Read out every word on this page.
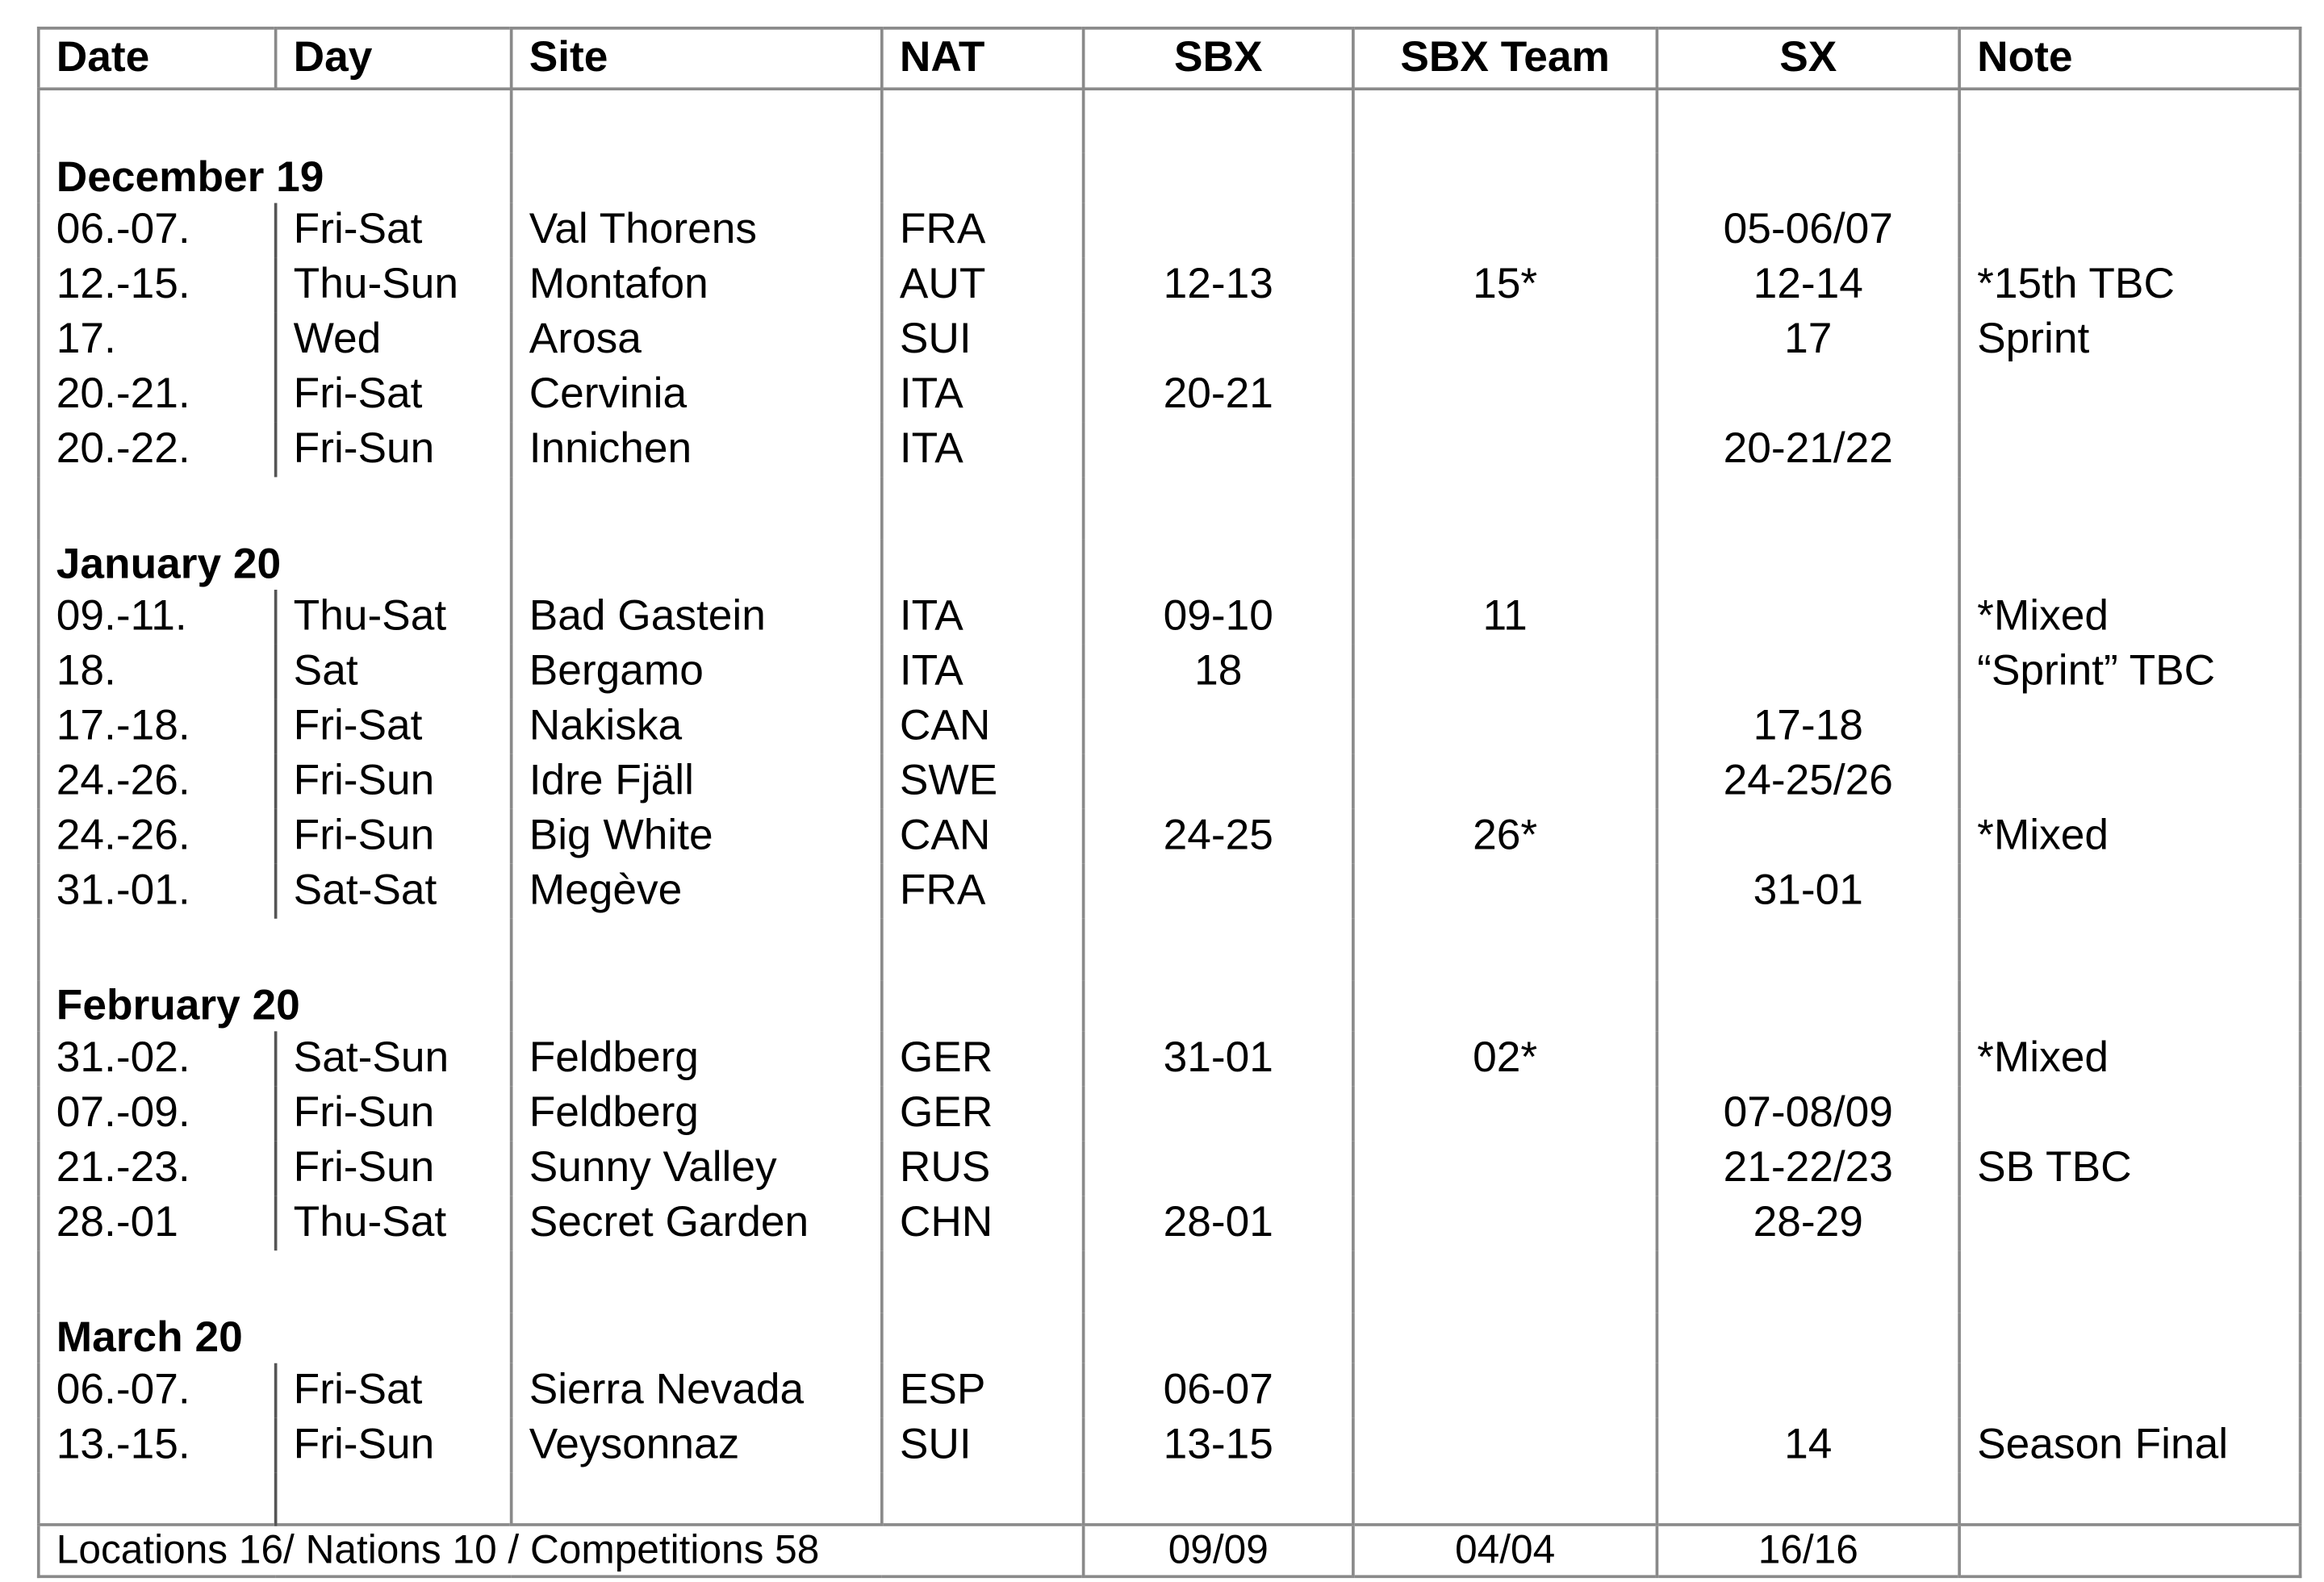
Date	Day	Site	NAT	SBX	SBX Team	SX	Note

December 19							
06.-07.	Fri-Sat	Val Thorens	FRA			05-06/07	
12.-15.	Thu-Sun	Montafon	AUT	12-13	15*	12-14	*15th TBC
17.	Wed	Arosa	SUI			17	Sprint
20.-21.	Fri-Sat	Cervinia	ITA	20-21			
20.-22.	Fri-Sun	Innichen	ITA			20-21/22	

January 20							
09.-11.	Thu-Sat	Bad Gastein	ITA	09-10	11		*Mixed
18.	Sat	Bergamo	ITA	18			“Sprint” TBC
17.-18.	Fri-Sat	Nakiska	CAN			17-18	
24.-26.	Fri-Sun	Idre Fjäll	SWE			24-25/26	
24.-26.	Fri-Sun	Big White	CAN	24-25	26*		*Mixed
31.-01.	Sat-Sat	Megève	FRA			31-01	

February 20							
31.-02.	Sat-Sun	Feldberg	GER	31-01	02*		*Mixed
07.-09.	Fri-Sun	Feldberg	GER			07-08/09	
21.-23.	Fri-Sun	Sunny Valley	RUS			21-22/23	SB TBC
28.-01	Thu-Sat	Secret Garden	CHN	28-01		28-29	

March 20							
06.-07.	Fri-Sat	Sierra Nevada	ESP	06-07			
13.-15.	Fri-Sun	Veysonnaz	SUI	13-15		14	Season Final

Locations 16/ Nations 10 / Competitions 58				09/09	04/04	16/16	
